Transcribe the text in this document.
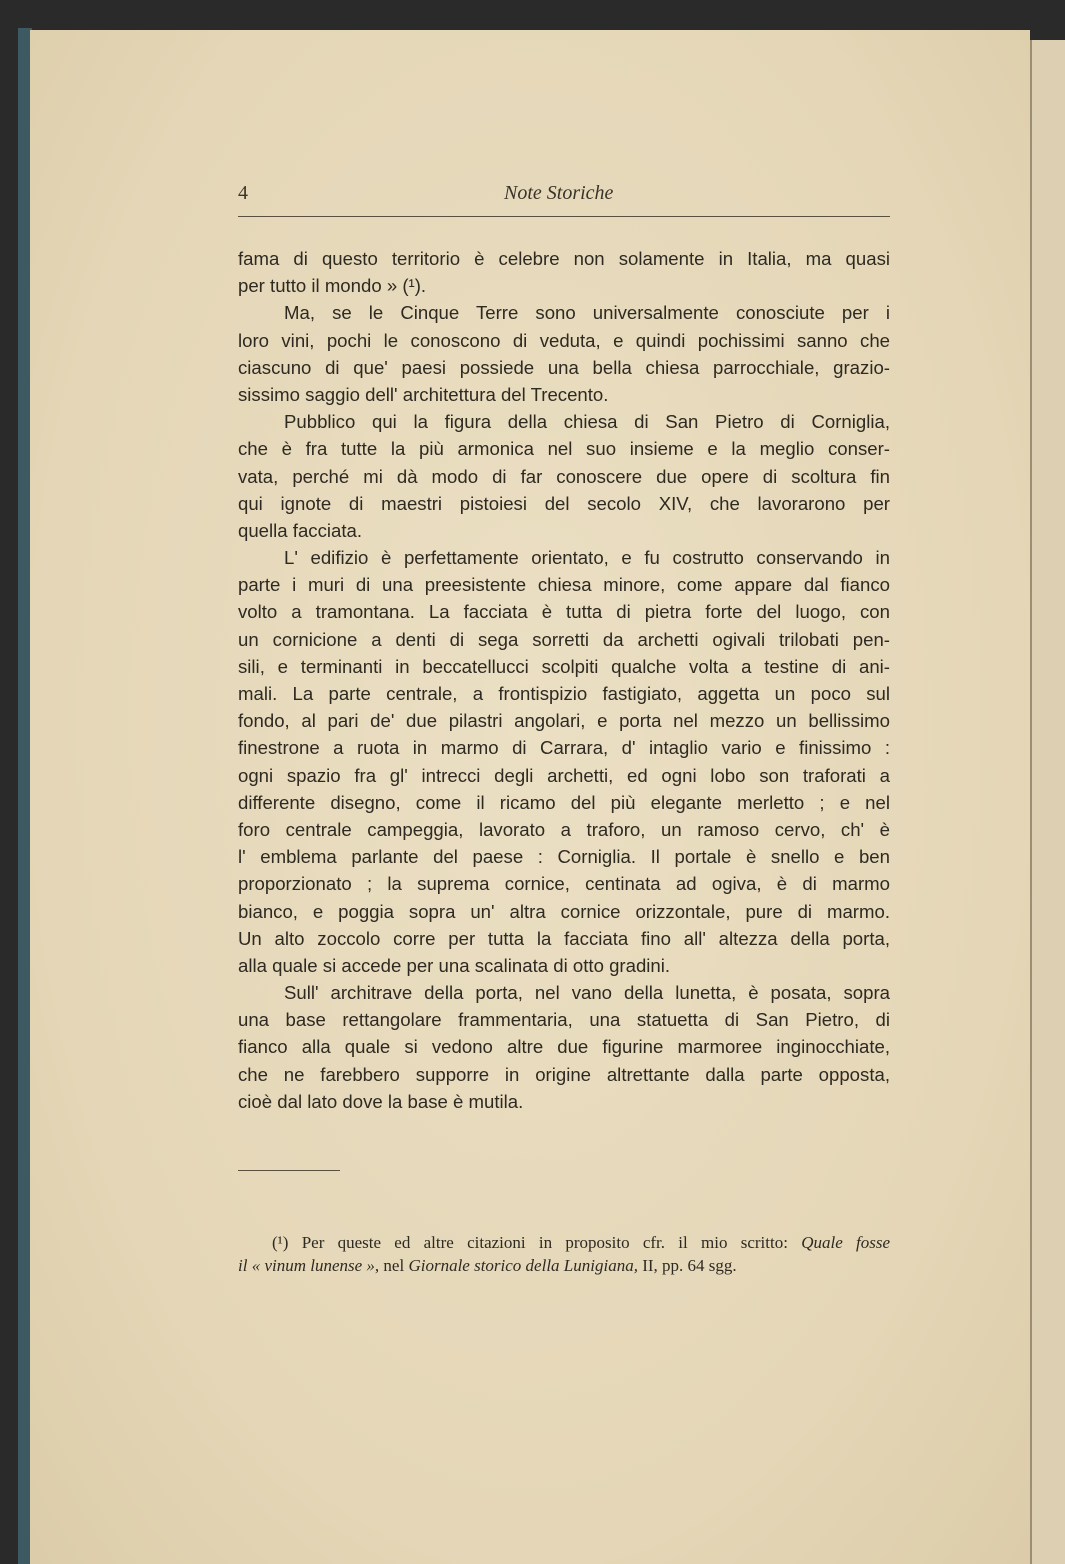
4	Note Storiche
fama di questo territorio è celebre non solamente in Italia, ma quasi
per tutto il mondo » (¹).
Ma, se le Cinque Terre sono universalmente conosciute per i
loro vini, pochi le conoscono di veduta, e quindi pochissimi sanno che
ciascuno di que' paesi possiede una bella chiesa parrocchiale, grazio-
sissimo saggio dell' architettura del Trecento.
Pubblico qui la figura della chiesa di San Pietro di Corniglia,
che è fra tutte la più armonica nel suo insieme e la meglio conser-
vata, perché mi dà modo di far conoscere due opere di scoltura fin
qui ignote di maestri pistoiesi del secolo XIV, che lavorarono per
quella facciata.
L' edifizio è perfettamente orientato, e fu costrutto conservando in
parte i muri di una preesistente chiesa minore, come appare dal fianco
volto a tramontana. La facciata è tutta di pietra forte del luogo, con
un cornicione a denti di sega sorretti da archetti ogivali trilobati pen-
sili, e terminanti in beccatellucci scolpiti qualche volta a testine di ani-
mali. La parte centrale, a frontispizio fastigiato, aggetta un poco sul
fondo, al pari de' due pilastri angolari, e porta nel mezzo un bellissimo
finestrone a ruota in marmo di Carrara, d' intaglio vario e finissimo :
ogni spazio fra gl' intrecci degli archetti, ed ogni lobo son traforati a
differente disegno, come il ricamo del più elegante merletto ; e nel
foro centrale campeggia, lavorato a traforo, un ramoso cervo, ch' è
l' emblema parlante del paese : Corniglia. Il portale è snello e ben
proporzionato ; la suprema cornice, centinata ad ogiva, è di marmo
bianco, e poggia sopra un' altra cornice orizzontale, pure di marmo.
Un alto zoccolo corre per tutta la facciata fino all' altezza della porta,
alla quale si accede per una scalinata di otto gradini.
Sull' architrave della porta, nel vano della lunetta, è posata, sopra
una base rettangolare frammentaria, una statuetta di San Pietro, di
fianco alla quale si vedono altre due figurine marmoree inginocchiate,
che ne farebbero supporre in origine altrettante dalla parte opposta,
cioè dal lato dove la base è mutila.
(¹) Per queste ed altre citazioni in proposito cfr. il mio scritto: Quale fosse
il « vinum lunense », nel Giornale storico della Lunigiana, II, pp. 64 sgg.
